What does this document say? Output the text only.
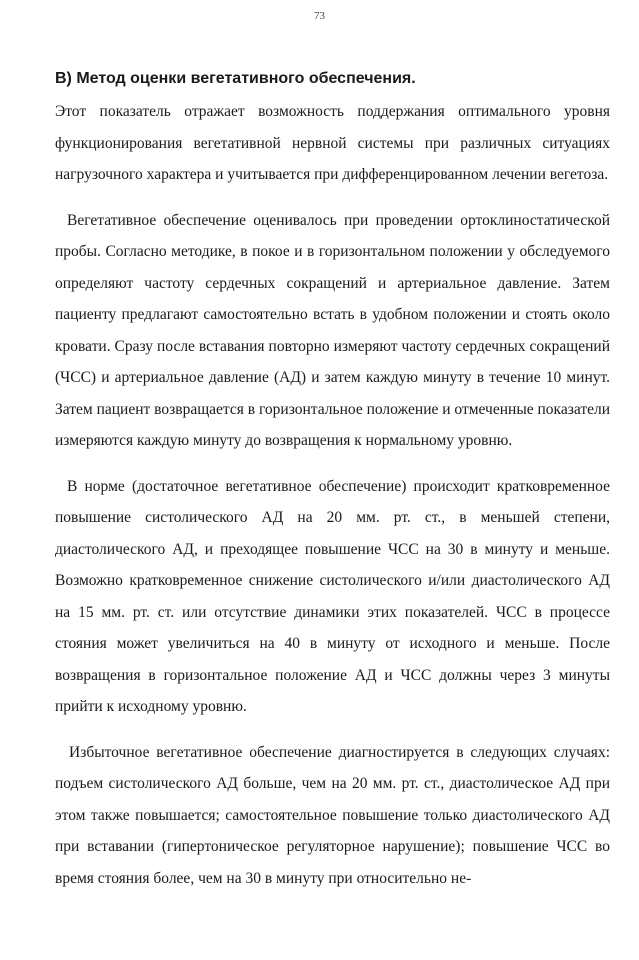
73

В) Метод оценки вегетативного обеспечения.

Этот показатель отражает возможность поддержания оптимального уровня функционирования вегетативной нервной системы при различных ситуациях нагрузочного характера и учитывается при дифференцированном лечении вегетоза.

Вегетативное обеспечение оценивалось при проведении ортоклиностатической пробы. Согласно методике, в покое и в горизонтальном положении у обследуемого определяют частоту сердечных сокращений и артериальное давление. Затем пациенту предлагают самостоятельно встать в удобном положении и стоять около кровати. Сразу после вставания повторно измеряют частоту сердечных сокращений (ЧСС) и артериальное давление (АД) и затем каждую минуту в течение 10 минут. Затем пациент возвращается в горизонтальное положение и отмеченные показатели измеряются каждую минуту до возвращения к нормальному уровню.

В норме (достаточное вегетативное обеспечение) происходит кратковременное повышение систолического АД на 20 мм. рт. ст., в меньшей степени, диастолического АД, и преходящее повышение ЧСС на 30 в минуту и меньше. Возможно кратковременное снижение систолического и/или диастолического АД на 15 мм. рт. ст. или отсутствие динамики этих показателей. ЧСС в процессе стояния может увеличиться на 40 в минуту от исходного и меньше. После возвращения в горизонтальное положение АД и ЧСС должны через 3 минуты прийти к исходному уровню.

Избыточное вегетативное обеспечение диагностируется в следующих случаях: подъем систолического АД больше, чем на 20 мм. рт. ст., диастолическое АД при этом также повышается; самостоятельное повышение только диастолического АД при вставании (гипертоническое регуляторное нарушение); повышение ЧСС во время стояния более, чем на 30 в минуту при относительно не-
